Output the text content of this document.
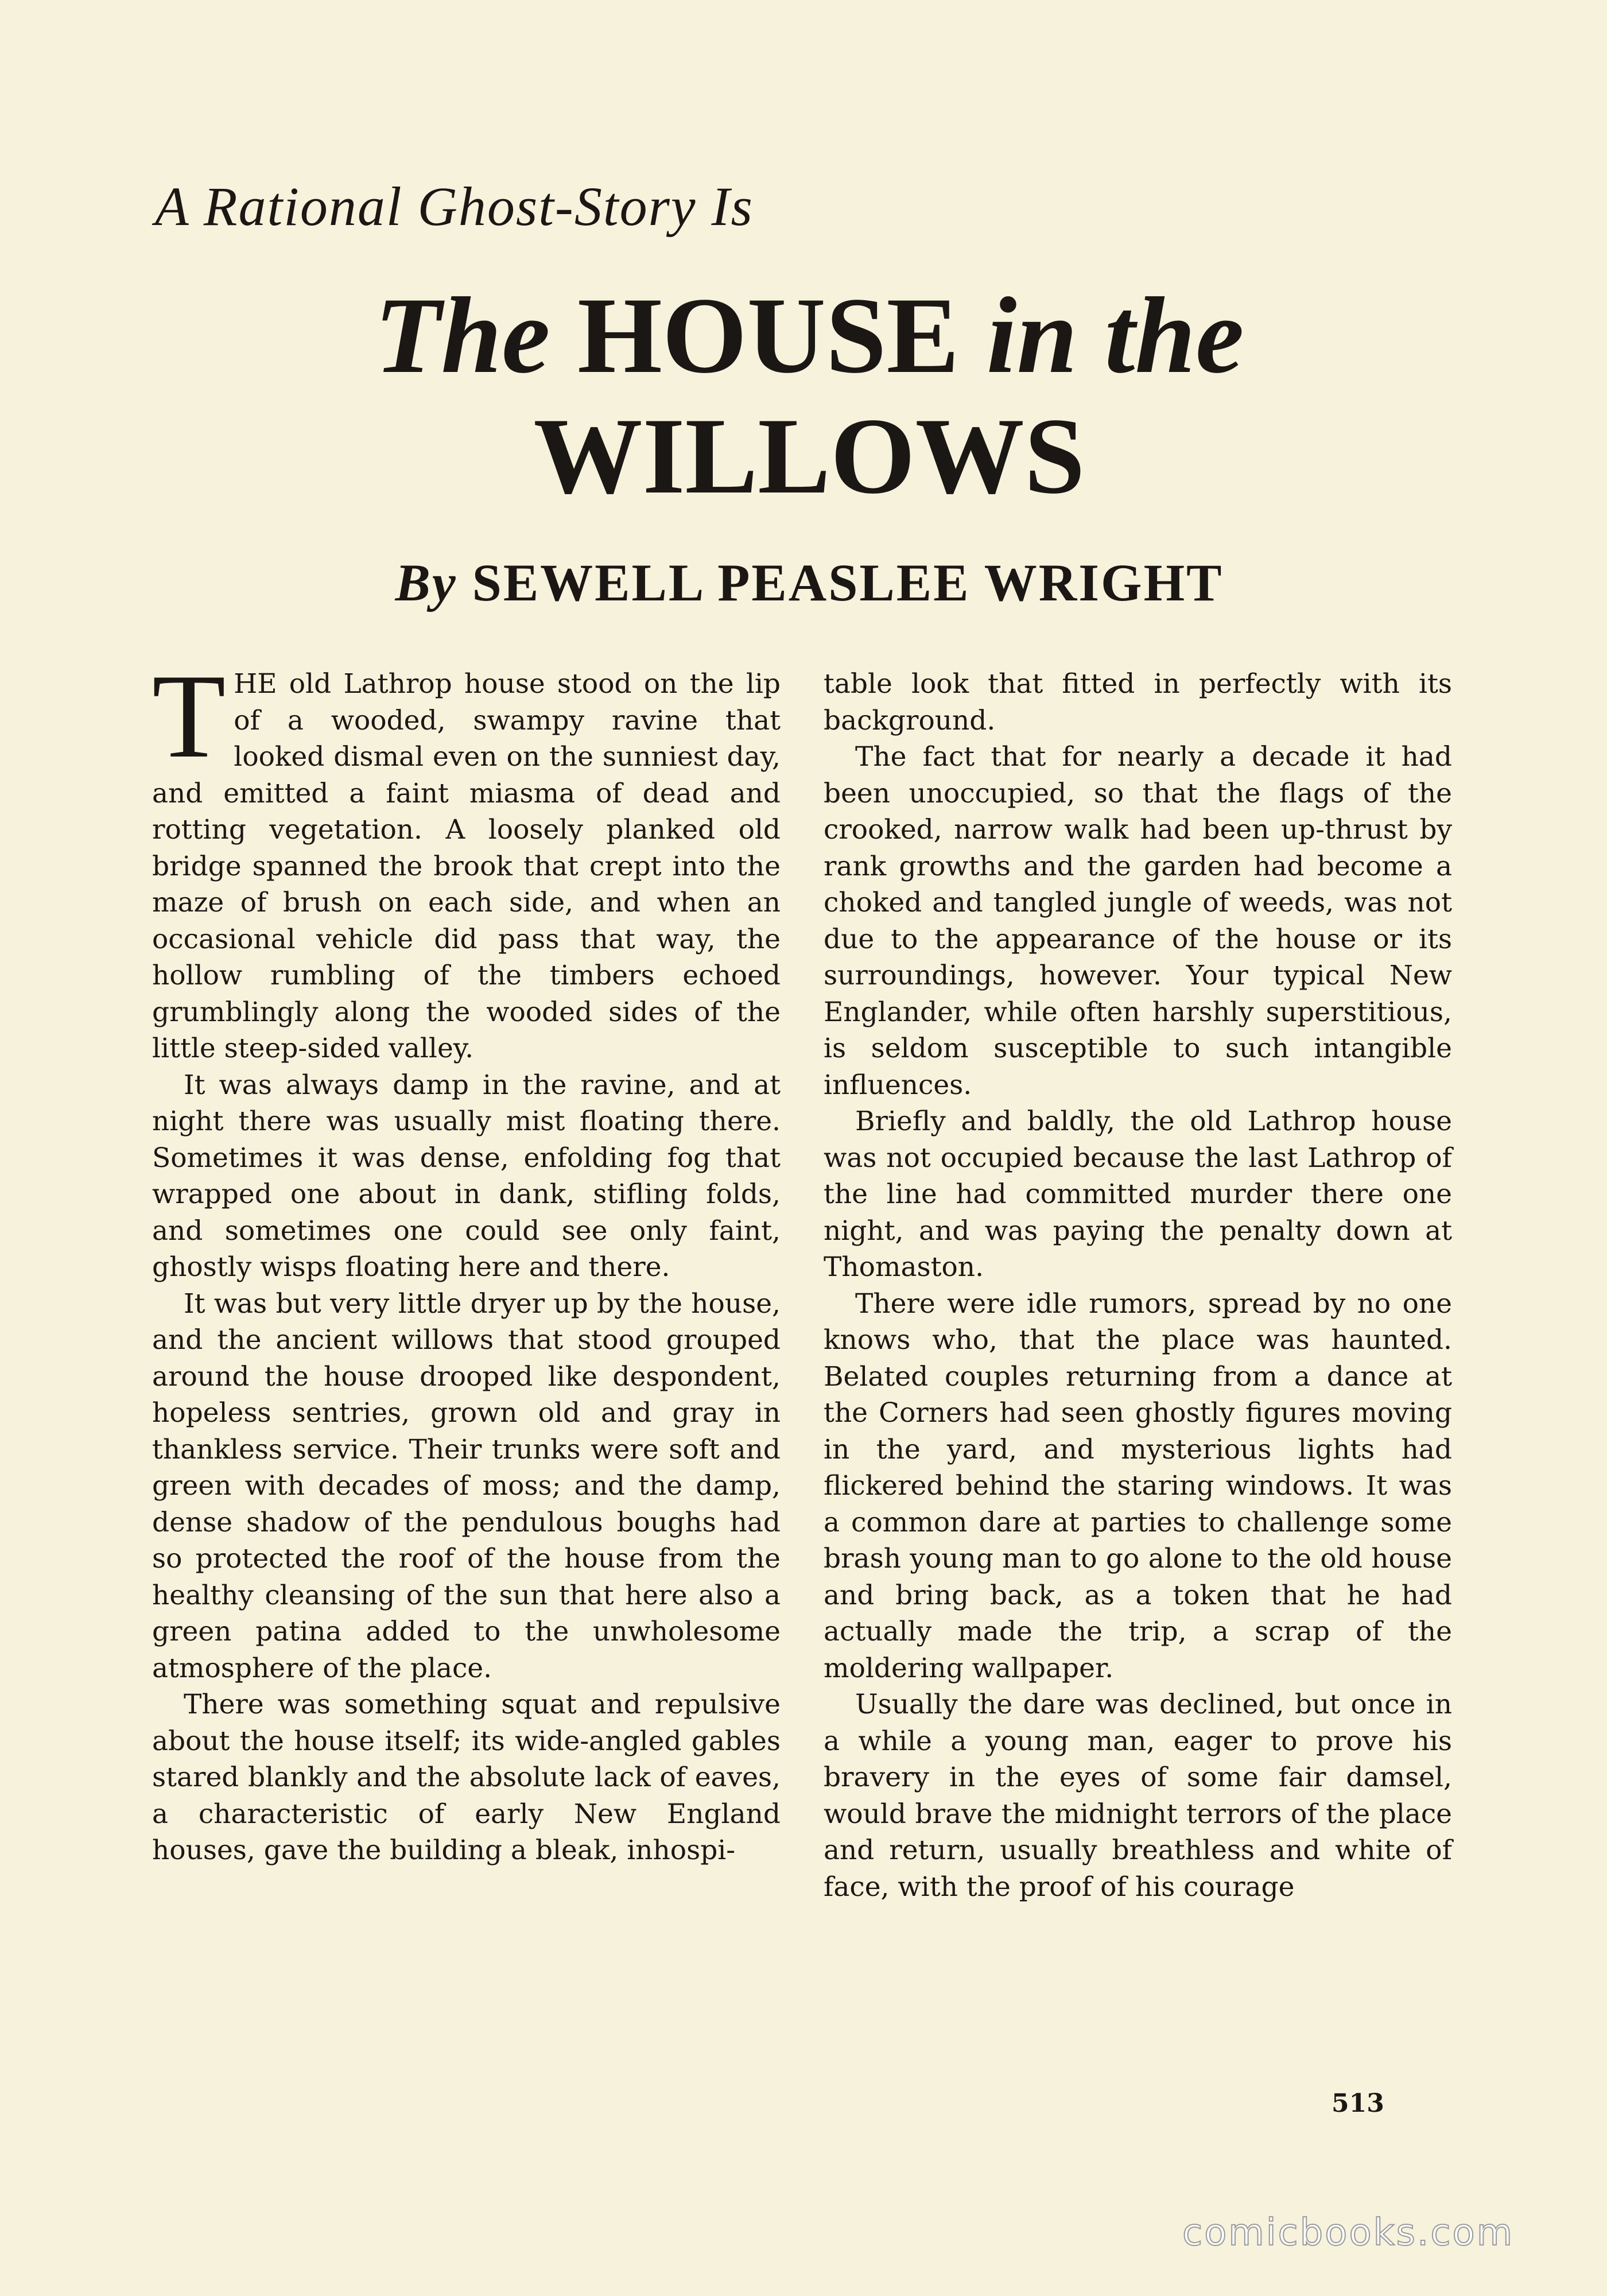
A Rational Ghost-Story Is
The HOUSE in the
WILLOWS
By SEWELL PEASLEE WRIGHT

THE old Lathrop house stood on the lip of a wooded, swampy ravine that looked dismal even on the sunniest day, and emitted a faint miasma of dead and rotting vegetation. A loosely planked old bridge spanned the brook that crept into the maze of brush on each side, and when an occasional vehicle did pass that way, the hollow rumbling of the timbers echoed grumblingly along the wooded sides of the little steep-sided valley.

It was always damp in the ravine, and at night there was usually mist floating there. Sometimes it was dense, enfolding fog that wrapped one about in dank, stifling folds, and sometimes one could see only faint, ghostly wisps floating here and there.

It was but very little dryer up by the house, and the ancient willows that stood grouped around the house drooped like despondent, hopeless sentries, grown old and gray in thankless service. Their trunks were soft and green with decades of moss; and the damp, dense shadow of the pendulous boughs had so protected the roof of the house from the healthy cleansing of the sun that here also a green patina added to the unwholesome atmosphere of the place.

There was something squat and repulsive about the house itself; its wide-angled gables stared blankly and the absolute lack of eaves, a characteristic of early New England houses, gave the building a bleak, inhospi-

table look that fitted in perfectly with its background.

The fact that for nearly a decade it had been unoccupied, so that the flags of the crooked, narrow walk had been up-thrust by rank growths and the garden had become a choked and tangled jungle of weeds, was not due to the appearance of the house or its surroundings, however. Your typical New Englander, while often harshly superstitious, is seldom susceptible to such intangible influences.

Briefly and baldly, the old Lathrop house was not occupied because the last Lathrop of the line had committed murder there one night, and was paying the penalty down at Thomaston.

There were idle rumors, spread by no one knows who, that the place was haunted. Belated couples returning from a dance at the Corners had seen ghostly figures moving in the yard, and mysterious lights had flickered behind the staring windows. It was a common dare at parties to challenge some brash young man to go alone to the old house and bring back, as a token that he had actually made the trip, a scrap of the moldering wallpaper.

Usually the dare was declined, but once in a while a young man, eager to prove his bravery in the eyes of some fair damsel, would brave the midnight terrors of the place and return, usually breathless and white of face, with the proof of his courage

513
comicbooks.com
